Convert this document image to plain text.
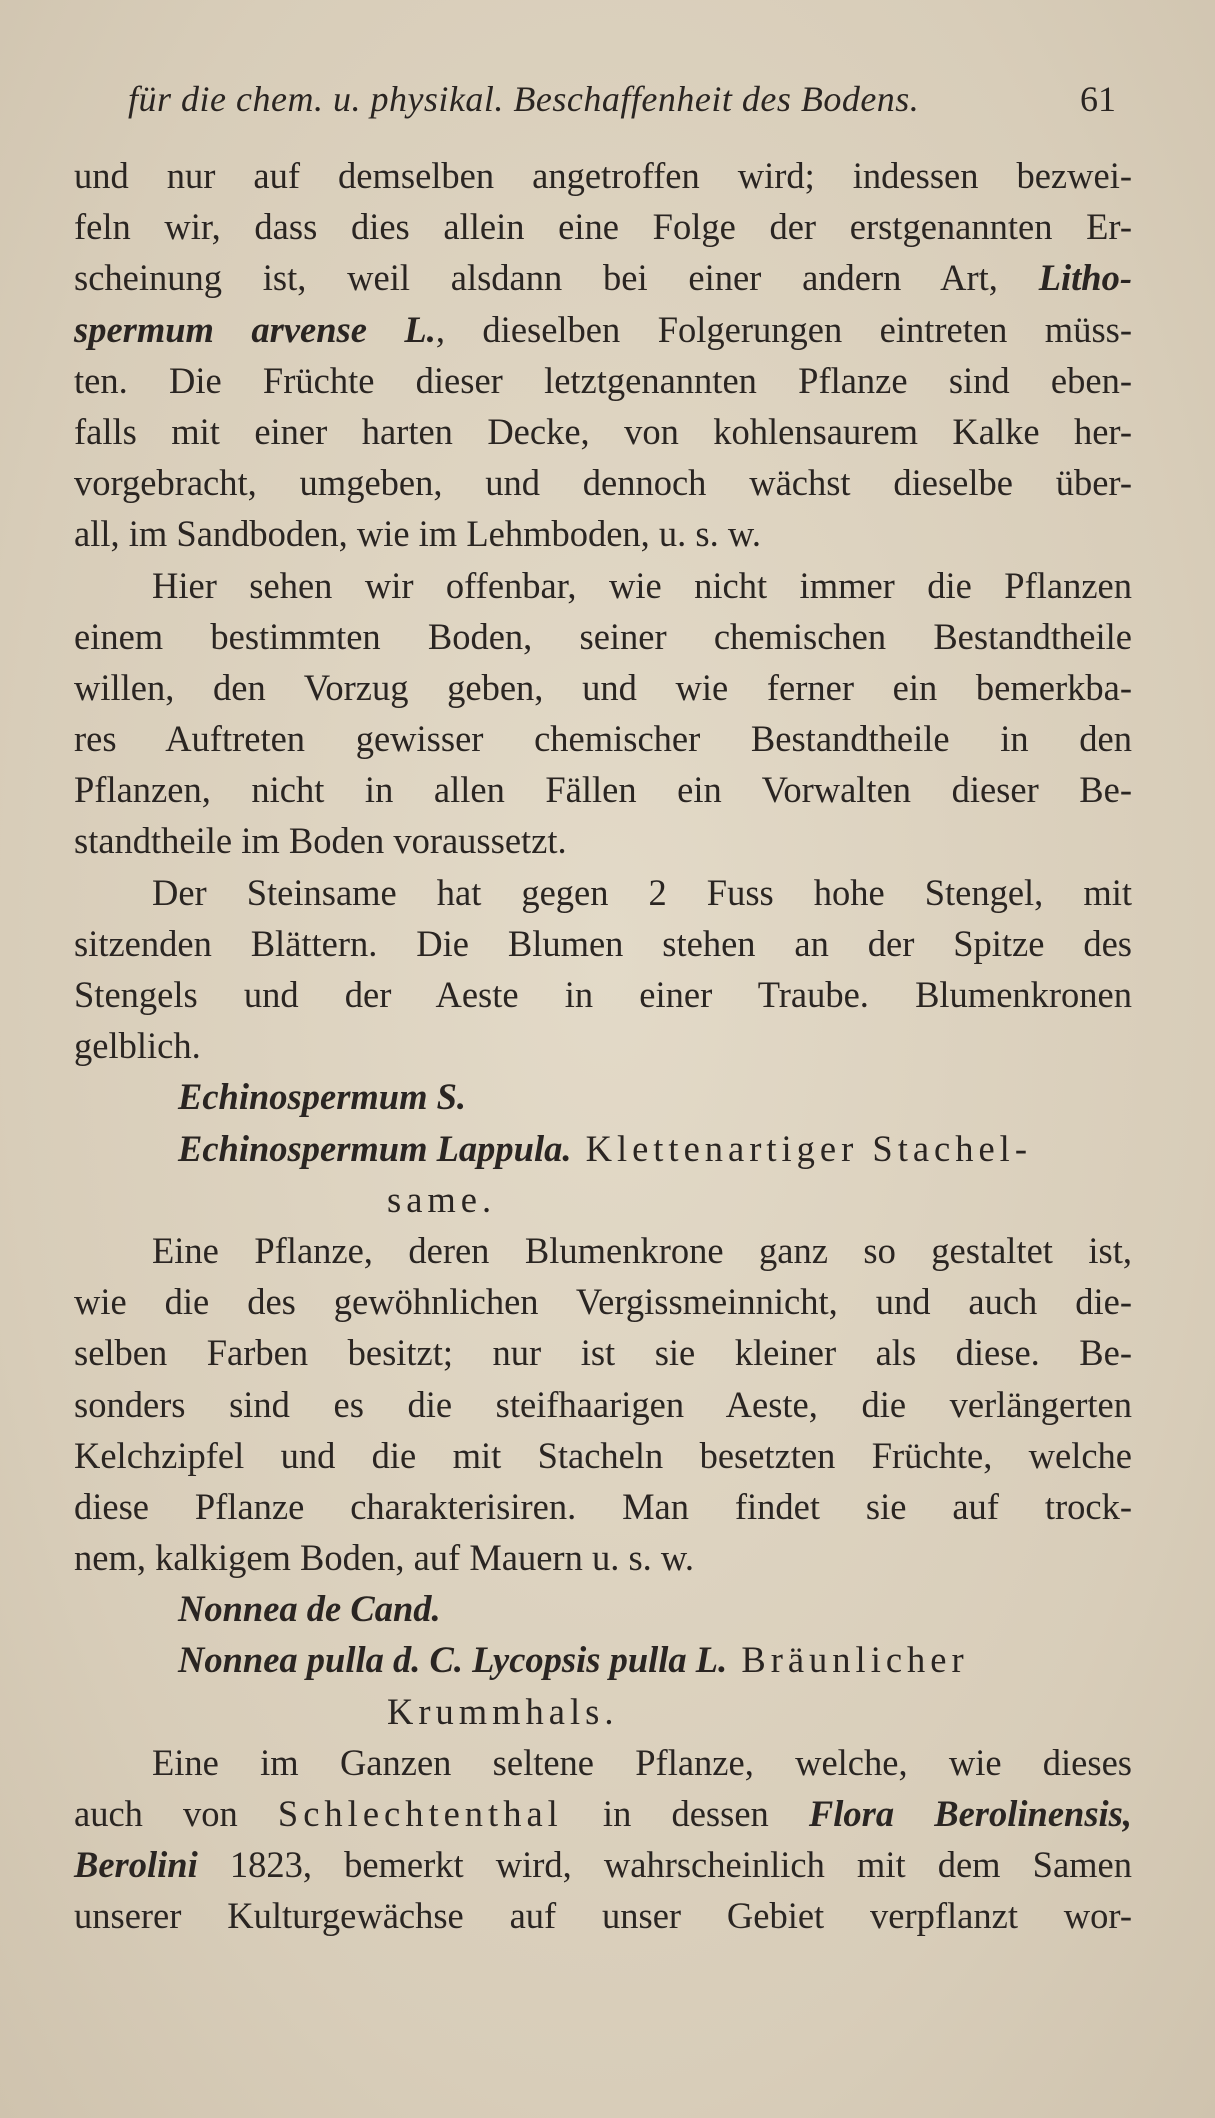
für die chem. u. physikal. Beschaffenheit des Bodens.	61
und nur auf demselben angetroffen wird; indessen bezwei-
feln wir, dass dies allein eine Folge der erstgenannten Er-
scheinung ist, weil alsdann bei einer andern Art, Litho-
spermum arvense L., dieselben Folgerungen eintreten müss-
ten. Die Früchte dieser letztgenannten Pflanze sind eben-
falls mit einer harten Decke, von kohlensaurem Kalke her-
vorgebracht, umgeben, und dennoch wächst dieselbe über-
all, im Sandboden, wie im Lehmboden, u. s. w.
Hier sehen wir offenbar, wie nicht immer die Pflanzen
einem bestimmten Boden, seiner chemischen Bestandtheile
willen, den Vorzug geben, und wie ferner ein bemerkba-
res Auftreten gewisser chemischer Bestandtheile in den
Pflanzen, nicht in allen Fällen ein Vorwalten dieser Be-
standtheile im Boden voraussetzt.
Der Steinsame hat gegen 2 Fuss hohe Stengel, mit
sitzenden Blättern. Die Blumen stehen an der Spitze des
Stengels und der Aeste in einer Traube. Blumenkronen
gelblich.
Echinospermum S.
Echinospermum Lappula. Klettenartiger Stachel-
same.
Eine Pflanze, deren Blumenkrone ganz so gestaltet ist,
wie die des gewöhnlichen Vergissmeinnicht, und auch die-
selben Farben besitzt; nur ist sie kleiner als diese. Be-
sonders sind es die steifhaarigen Aeste, die verlängerten
Kelchzipfel und die mit Stacheln besetzten Früchte, welche
diese Pflanze charakterisiren. Man findet sie auf trock-
nem, kalkigem Boden, auf Mauern u. s. w.
Nonnea de Cand.
Nonnea pulla d. C. Lycopsis pulla L. Bräunlicher
Krummhals.
Eine im Ganzen seltene Pflanze, welche, wie dieses
auch von Schlechtenthal in dessen Flora Berolinensis,
Berolini 1823, bemerkt wird, wahrscheinlich mit dem Samen
unserer Kulturgewächse auf unser Gebiet verpflanzt wor-
